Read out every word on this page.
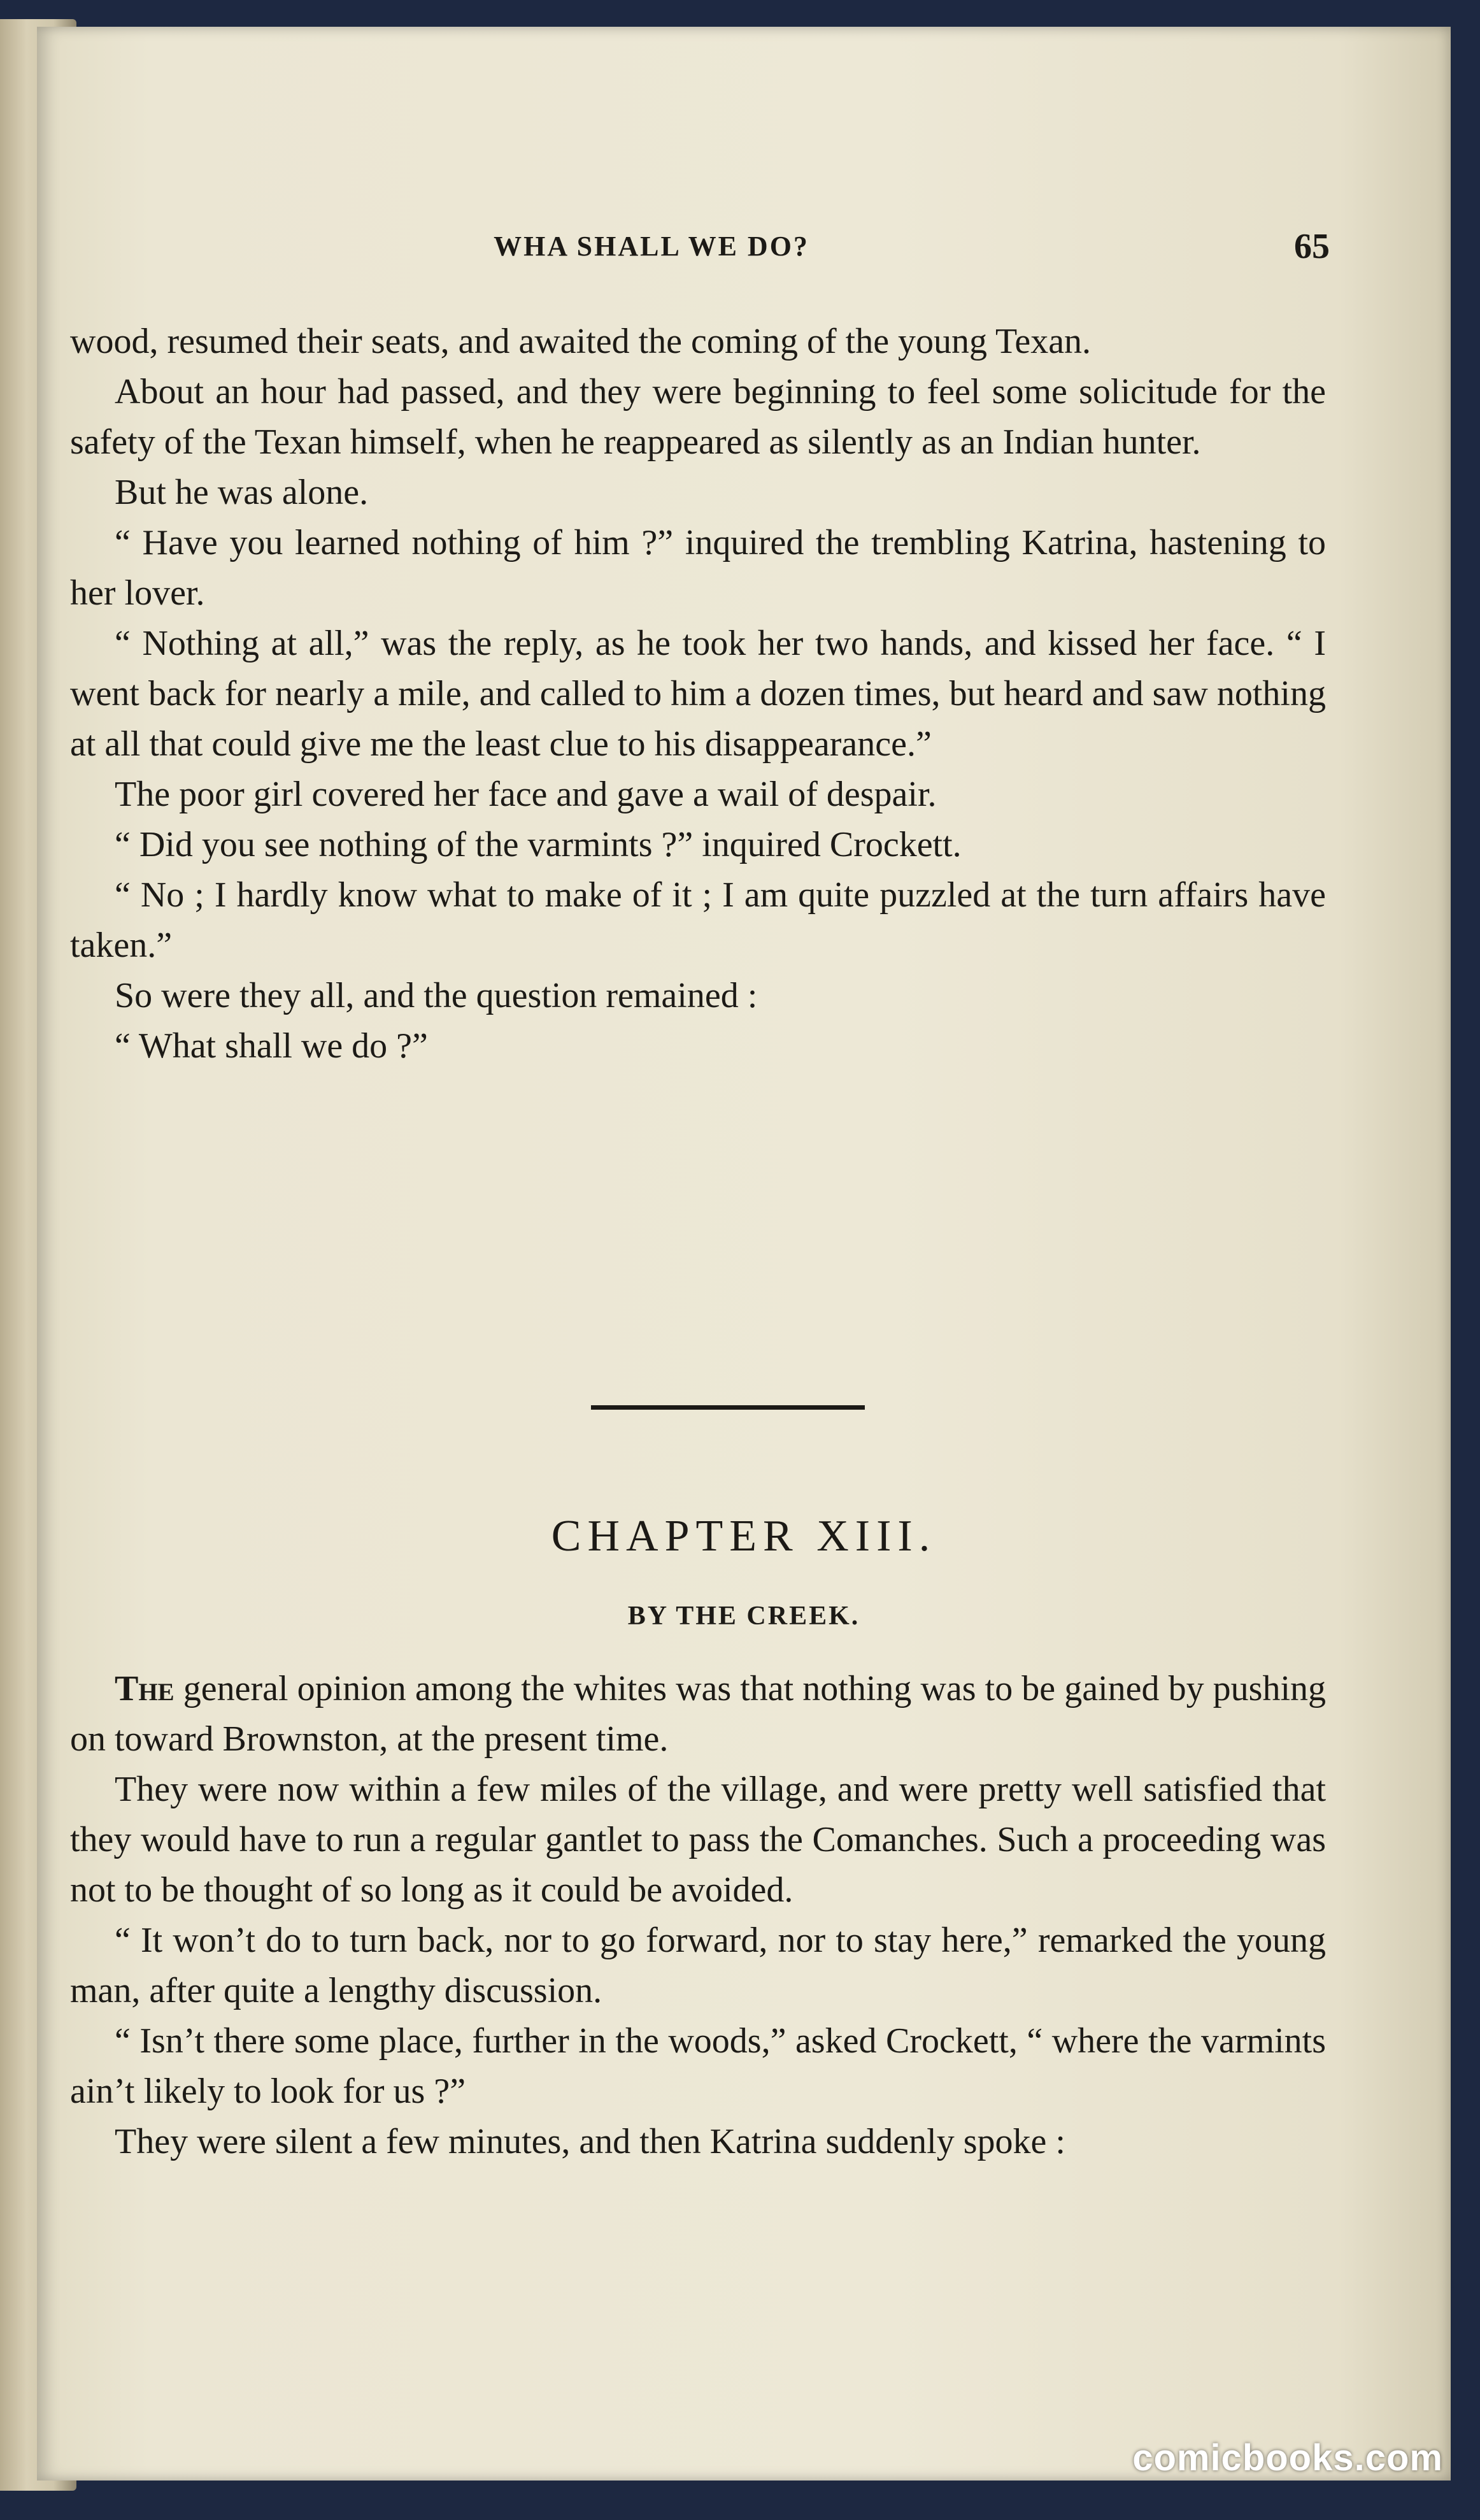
WHA SHALL WE DO?	65

wood, resumed their seats, and awaited the coming of the young Texan.

About an hour had passed, and they were beginning to feel some solicitude for the safety of the Texan himself, when he reappeared as silently as an Indian hunter.

But he was alone.

“ Have you learned nothing of him ?” inquired the trembling Katrina, hastening to her lover.

“ Nothing at all,” was the reply, as he took her two hands, and kissed her face. “ I went back for nearly a mile, and called to him a dozen times, but heard and saw nothing at all that could give me the least clue to his disappearance.”

The poor girl covered her face and gave a wail of despair.

“ Did you see nothing of the varmints ?” inquired Crockett.

“ No ; I hardly know what to make of it ; I am quite puzzled at the turn affairs have taken.”

So were they all, and the question remained :

“ What shall we do ?”

CHAPTER XIII.
BY THE CREEK.

The general opinion among the whites was that nothing was to be gained by pushing on toward Brownston, at the present time.

They were now within a few miles of the village, and were pretty well satisfied that they would have to run a regular gantlet to pass the Comanches. Such a proceeding was not to be thought of so long as it could be avoided.

“ It won’t do to turn back, nor to go forward, nor to stay here,” remarked the young man, after quite a lengthy discussion.

“ Isn’t there some place, further in the woods,” asked Crockett, “ where the varmints ain’t likely to look for us ?”

They were silent a few minutes, and then Katrina suddenly spoke :

comicbooks.com
